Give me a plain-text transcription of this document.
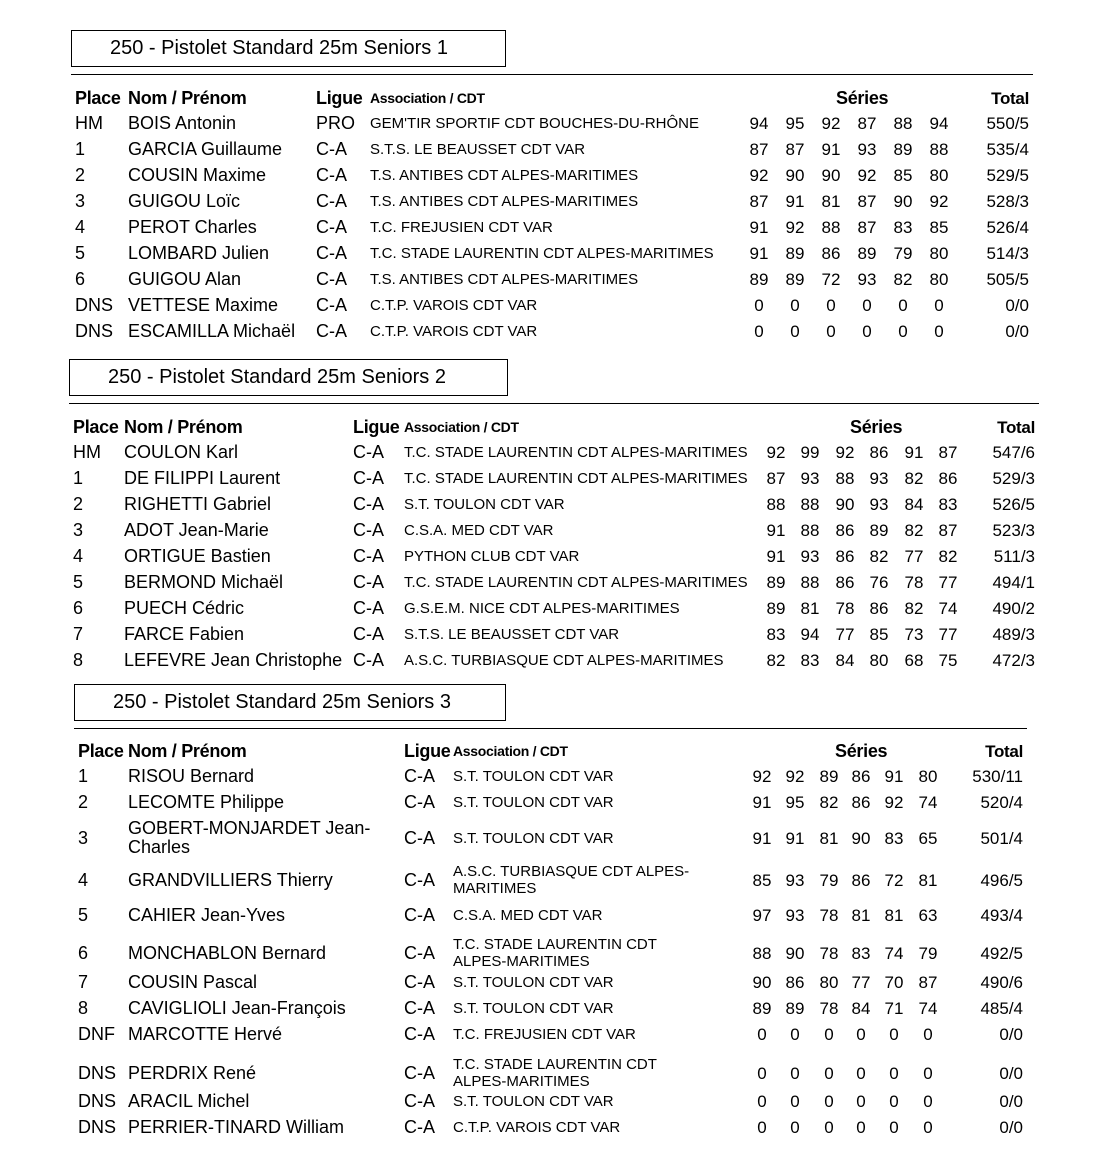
250 - Pistolet Standard 25m Seniors 1
Place Nom / Prénom	Ligue Association / CDT	Séries	Total
HM BOIS Antonin	PRO GEM'TIR SPORTIF CDT BOUCHES-DU-RHÔNE	94	95	92	87	88	94	550/5
1 GARCIA Guillaume C-A S.T.S. LE BEAUSSET CDT VAR	87	87	91	93	89	88	535/4
2 COUSIN Maxime	C-A T.S. ANTIBES CDT ALPES-MARITIMES	92	90	90	92	85	80	529/5
3 GUIGOU Loïc	C-A T.S. ANTIBES CDT ALPES-MARITIMES	87	91	81	87	90	92	528/3
4 PEROT Charles	C-A T.C. FREJUSIEN CDT VAR	91	92	88	87	83	85	526/4
5 LOMBARD Julien	C-A T.C. STADE LAURENTIN CDT ALPES-MARITIMES	91	89	86	89	79	80	514/3
6 GUIGOU Alan	C-A T.S. ANTIBES CDT ALPES-MARITIMES	89	89	72	93	82	80	505/5
DNS VETTESE Maxime C-A C.T.P. VAROIS CDT VAR	0	0	0	0	0	0	0/0
DNS ESCAMILLA Michaël C-A C.T.P. VAROIS CDT VAR	0	0	0	0	0	0	0/0
250 - Pistolet Standard 25m Seniors 2
Place Nom / Prénom	Ligue Association / CDT	Séries	Total
HM COULON Karl	C-A T.C. STADE LAURENTIN CDT ALPES-MARITIMES	92 99 92 86 91 87	547/6
1 DE FILIPPI Laurent	C-A T.C. STADE LAURENTIN CDT ALPES-MARITIMES	87 93 88 93 82 86	529/3
2 RIGHETTI Gabriel	C-A S.T. TOULON CDT VAR	88 88 90 93 84 83	526/5
3 ADOT Jean-Marie	C-A C.S.A. MED CDT VAR	91 88 86 89 82 87	523/3
4 ORTIGUE Bastien	C-A PYTHON CLUB CDT VAR	91 93 86 82 77 82	511/3
5 BERMOND Michaël	C-A T.C. STADE LAURENTIN CDT ALPES-MARITIMES	89 88 86 76 78 77	494/1
6 PUECH Cédric	C-A G.S.E.M. NICE CDT ALPES-MARITIMES	89 81 78 86 82 74	490/2
7 FARCE Fabien	C-A S.T.S. LE BEAUSSET CDT VAR	83 94 77 85 73 77	489/3
8 LEFEVRE Jean Christophe C-A A.S.C. TURBIASQUE CDT ALPES-MARITIMES	82 83 84 80 68 75	472/3
250 - Pistolet Standard 25m Seniors 3
Place Nom / Prénom	Ligue Association / CDT	Séries	Total
1 RISOU Bernard	C-A S.T. TOULON CDT VAR	92 92 89 86 91 80	530/11
2 LECOMTE Philippe	C-A S.T. TOULON CDT VAR	91 95 82 86 92 74	520/4
3 GOBERT-MONJARDET Jean-Charles	C-A S.T. TOULON CDT VAR	91 91 81 90 83 65	501/4
4 GRANDVILLIERS Thierry	C-A A.S.C. TURBIASQUE CDT ALPES-MARITIMES	85 93 79 86 72 81	496/5
5 CAHIER Jean-Yves	C-A C.S.A. MED CDT VAR	97 93 78 81 81 63	493/4
6 MONCHABLON Bernard	C-A T.C. STADE LAURENTIN CDT ALPES-MARITIMES	88 90 78 83 74 79	492/5
7 COUSIN Pascal	C-A S.T. TOULON CDT VAR	90 86 80 77 70 87	490/6
8 CAVIGLIOLI Jean-François	C-A S.T. TOULON CDT VAR	89 89 78 84 71 74	485/4
DNF MARCOTTE Hervé	C-A T.C. FREJUSIEN CDT VAR	0	0	0	0	0	0	0/0
DNS PERDRIX René	C-A T.C. STADE LAURENTIN CDT ALPES-MARITIMES	0	0	0	0	0	0	0/0
DNS ARACIL Michel	C-A S.T. TOULON CDT VAR	0	0	0	0	0	0	0/0
DNS PERRIER-TINARD William	C-A C.T.P. VAROIS CDT VAR	0	0	0	0	0	0	0/0
